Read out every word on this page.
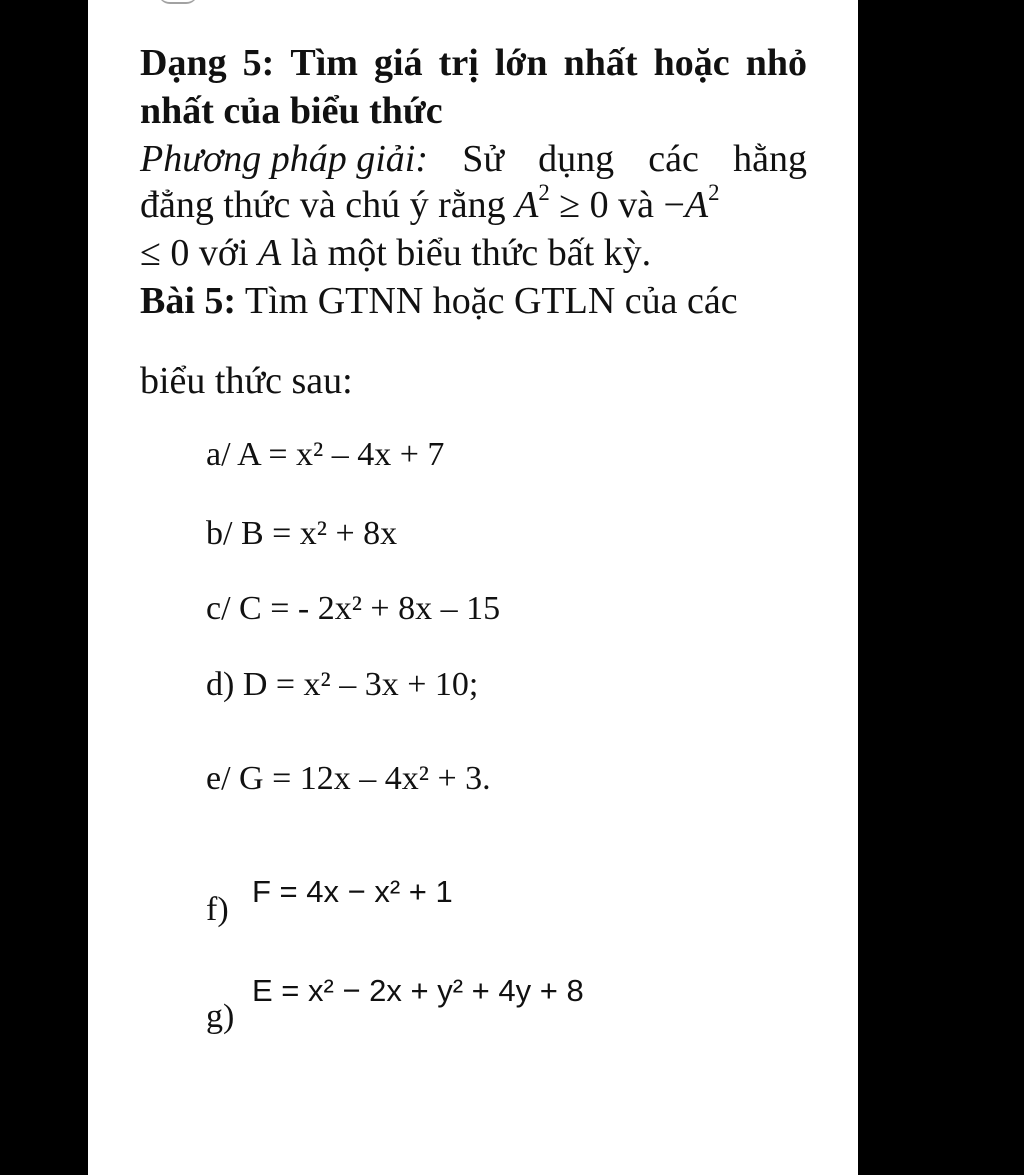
Dạng 5: Tìm giá trị lớn nhất hoặc nhỏ
nhất của biểu thức
Phương pháp giải: Sử dụng các hằng
đẳng thức và chú ý rằng $A^2 \ge 0$ và $-A^2$
≤ 0 với A là một biểu thức bất kỳ.
Bài 5: Tìm GTNN hoặc GTLN của các
biểu thức sau:
a/ A = x² – 4x + 7
b/ B = x² + 8x
c/ C = - 2x² + 8x – 15
d) D = x² – 3x + 10;
e/ G = 12x – 4x² + 3.
f) F = 4x − x² + 1
g)
E = x² − 2x + y² + 4y + 8
